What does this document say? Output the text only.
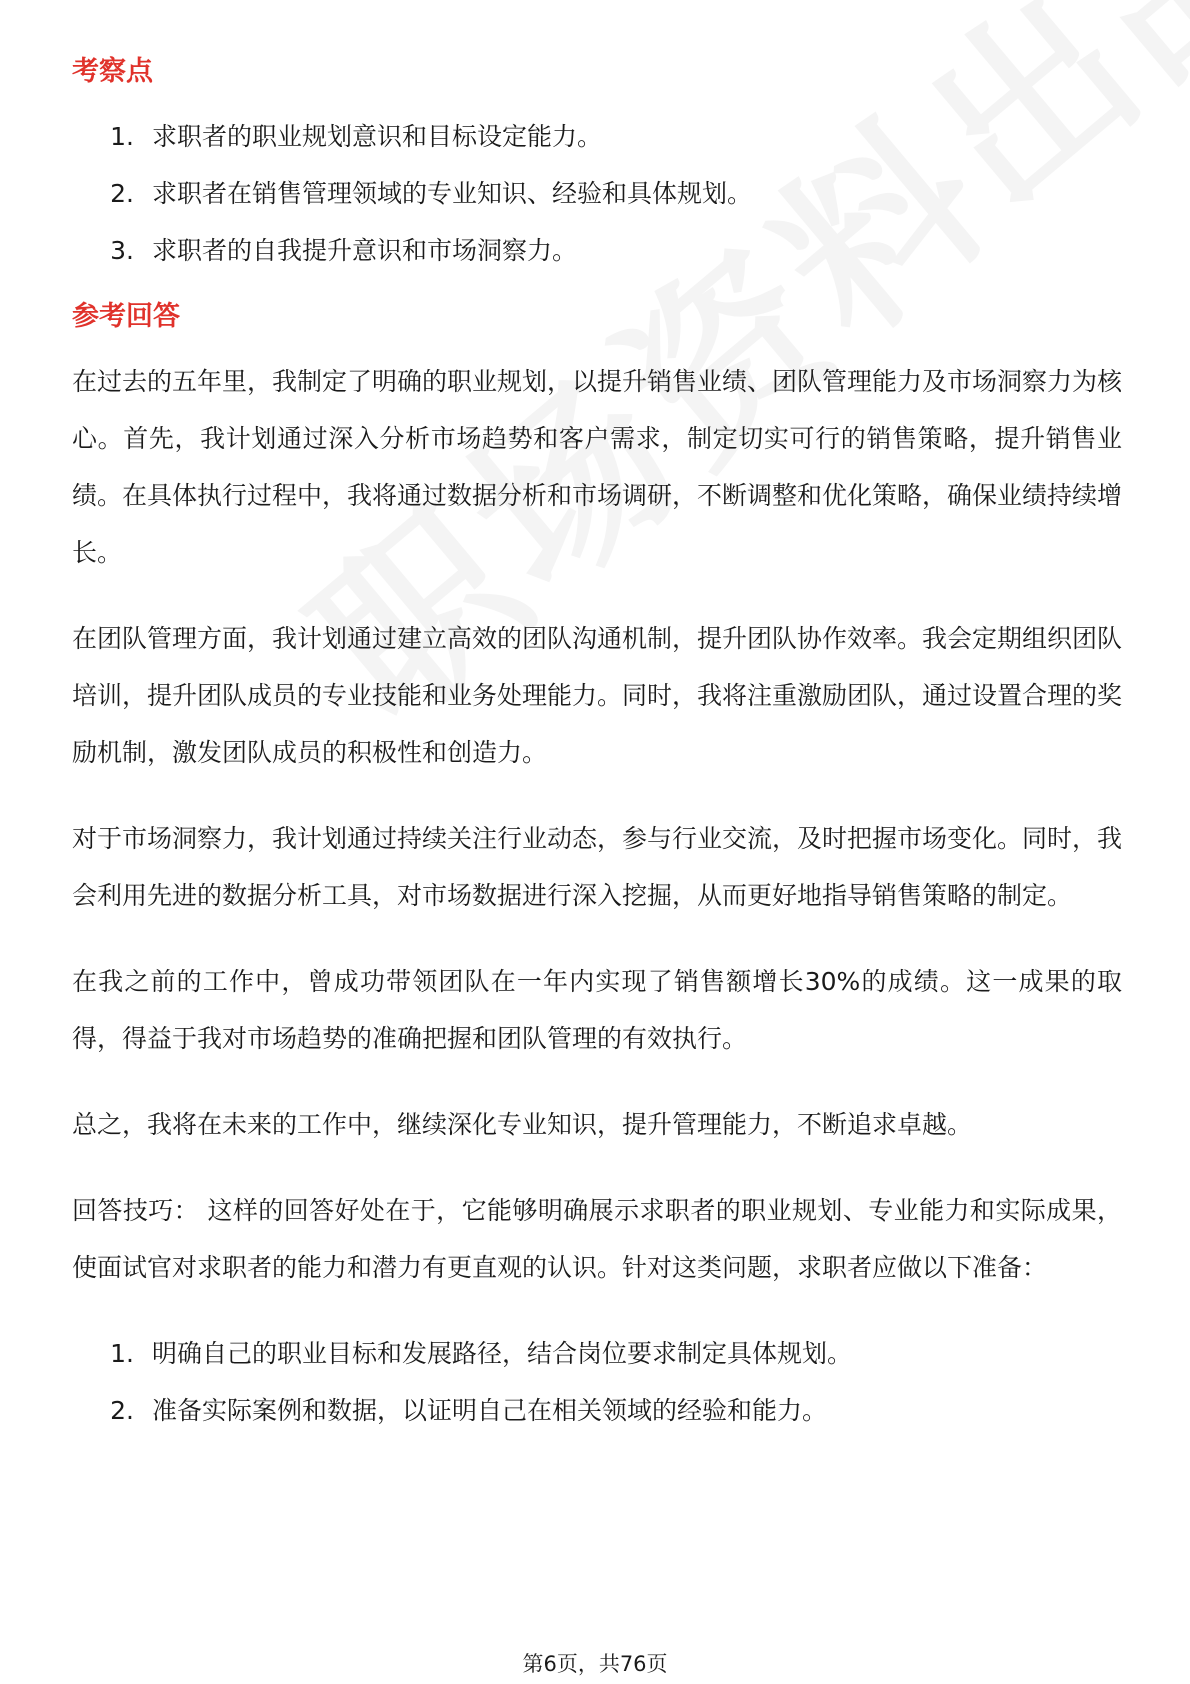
考察点
1. 求职者的职业规划意识和目标设定能力。
2. 求职者在销售管理领域的专业知识、经验和具体规划。
3. 求职者的自我提升意识和市场洞察力。
参考回答

在过去的五年里，我制定了明确的职业规划，以提升销售业绩、团队管理能力及市场洞察力为核心。首先，我计划通过深入分析市场趋势和客户需求，制定切实可行的销售策略，提升销售业绩。在具体执行过程中，我将通过数据分析和市场调研，不断调整和优化策略，确保业绩持续增长。

在团队管理方面，我计划通过建立高效的团队沟通机制，提升团队协作效率。我会定期组织团队培训，提升团队成员的专业技能和业务处理能力。同时，我将注重激励团队，通过设置合理的奖励机制，激发团队成员的积极性和创造力。

对于市场洞察力，我计划通过持续关注行业动态，参与行业交流，及时把握市场变化。同时，我会利用先进的数据分析工具，对市场数据进行深入挖掘，从而更好地指导销售策略的制定。

在我之前的工作中，曾成功带领团队在一年内实现了销售额增长30%的成绩。这一成果的取得，得益于我对市场趋势的准确把握和团队管理的有效执行。

总之，我将在未来的工作中，继续深化专业知识，提升管理能力，不断追求卓越。

回答技巧： 这样的回答好处在于，它能够明确展示求职者的职业规划、专业能力和实际成果，使面试官对求职者的能力和潜力有更直观的认识。针对这类问题，求职者应做以下准备：

1. 明确自己的职业目标和发展路径，结合岗位要求制定具体规划。
2. 准备实际案例和数据，以证明自己在相关领域的经验和能力。
第6页，共76页
